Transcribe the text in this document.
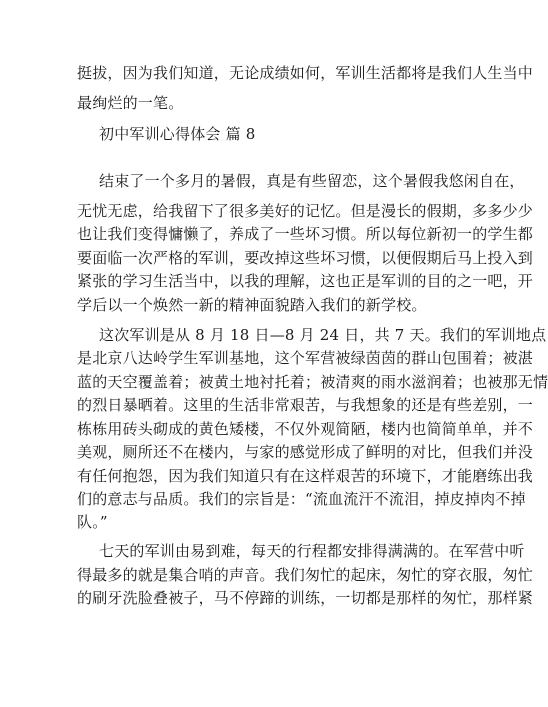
挺拔，因为我们知道，无论成绩如何，军训生活都将是我们人生当中
最绚烂的一笔。
初中军训心得体会 篇 8
结束了一个多月的暑假，真是有些留恋，这个暑假我悠闲自在，
无忧无虑，给我留下了很多美好的记忆。但是漫长的假期，多多少少
也让我们变得慵懒了，养成了一些坏习惯。所以每位新初一的学生都
要面临一次严格的军训，要改掉这些坏习惯，以便假期后马上投入到
紧张的学习生活当中，以我的理解，这也正是军训的目的之一吧，开
学后以一个焕然一新的精神面貌踏入我们的新学校。
这次军训是从 8 月 18 日—8 月 24 日，共 7 天。我们的军训地点
是北京八达岭学生军训基地，这个军营被绿茵茵的群山包围着；被湛
蓝的天空覆盖着；被黄土地衬托着；被清爽的雨水滋润着；也被那无情
的烈日暴晒着。这里的生活非常艰苦，与我想象的还是有些差别，一
栋栋用砖头砌成的黄色矮楼，不仅外观简陋，楼内也简简单单，并不
美观，厕所还不在楼内，与家的感觉形成了鲜明的对比，但我们并没
有任何抱怨，因为我们知道只有在这样艰苦的环境下，才能磨练出我
们的意志与品质。我们的宗旨是：“流血流汗不流泪，掉皮掉肉不掉
队。”
七天的军训由易到难，每天的行程都安排得满满的。在军营中听
得最多的就是集合哨的声音。我们匆忙的起床，匆忙的穿衣服，匆忙
的刷牙洗脸叠被子，马不停蹄的训练，一切都是那样的匆忙，那样紧
